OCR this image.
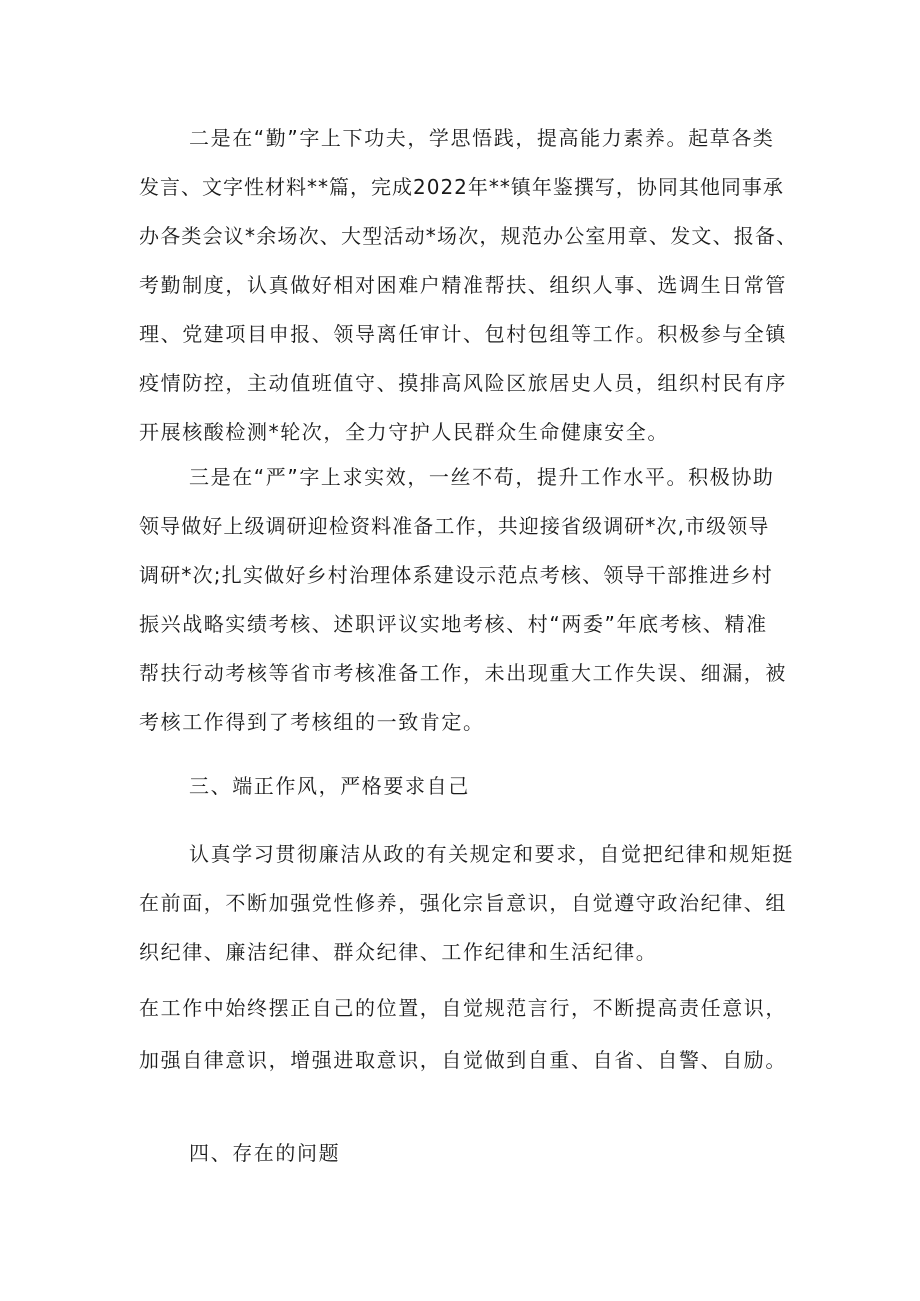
二是在“勤”字上下功夫，学思悟践，提高能力素养。起草各类
发言、文字性材料**篇，完成2022年**镇年鉴撰写，协同其他同事承
办各类会议*余场次、大型活动*场次，规范办公室用章、发文、报备、
考勤制度，认真做好相对困难户精准帮扶、组织人事、选调生日常管
理、党建项目申报、领导离任审计、包村包组等工作。积极参与全镇
疫情防控，主动值班值守、摸排高风险区旅居史人员，组织村民有序
开展核酸检测*轮次，全力守护人民群众生命健康安全。
三是在“严”字上求实效，一丝不苟，提升工作水平。积极协助
领导做好上级调研迎检资料准备工作，共迎接省级调研*次,市级领导
调研*次;扎实做好乡村治理体系建设示范点考核、领导干部推进乡村
振兴战略实绩考核、述职评议实地考核、村“两委”年底考核、精准
帮扶行动考核等省市考核准备工作，未出现重大工作失误、细漏，被
考核工作得到了考核组的一致肯定。
三、端正作风，严格要求自己
认真学习贯彻廉洁从政的有关规定和要求，自觉把纪律和规矩挺
在前面，不断加强党性修养，强化宗旨意识，自觉遵守政治纪律、组
织纪律、廉洁纪律、群众纪律、工作纪律和生活纪律。
在工作中始终摆正自己的位置，自觉规范言行，不断提高责任意识，
加强自律意识，增强进取意识，自觉做到自重、自省、自警、自励。
四、存在的问题
